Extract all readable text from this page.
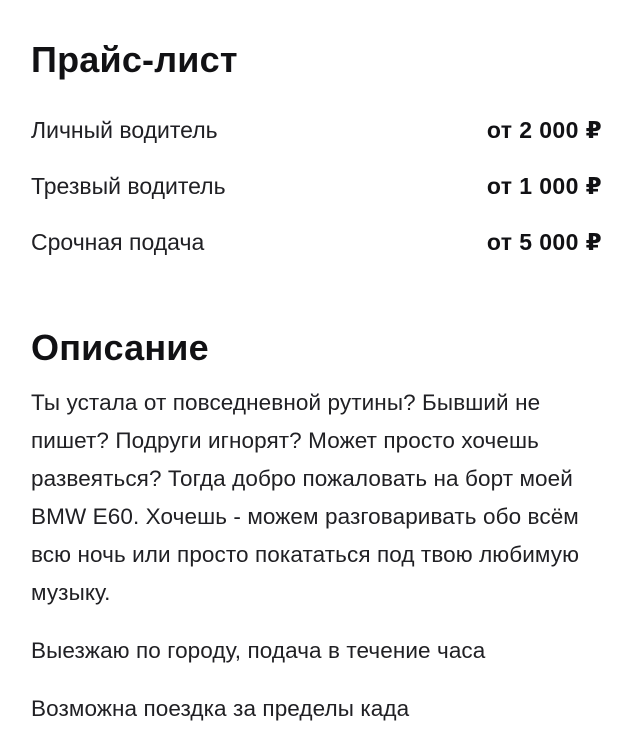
Прайс-лист
Личный водитель	от 2 000 ₽
Трезвый водитель	от 1 000 ₽
Срочная подача	от 5 000 ₽
Описание

Ты устала от повседневной рутины? Бывший не пишет? Подруги игнорят? Может просто хочешь развеяться? Тогда добро пожаловать на борт моей BMW E60. Хочешь - можем разговаривать обо всём всю ночь или просто покататься под твою любимую музыку.

Выезжаю по городу, подача в течение часа

Возможна поездка за пределы када
